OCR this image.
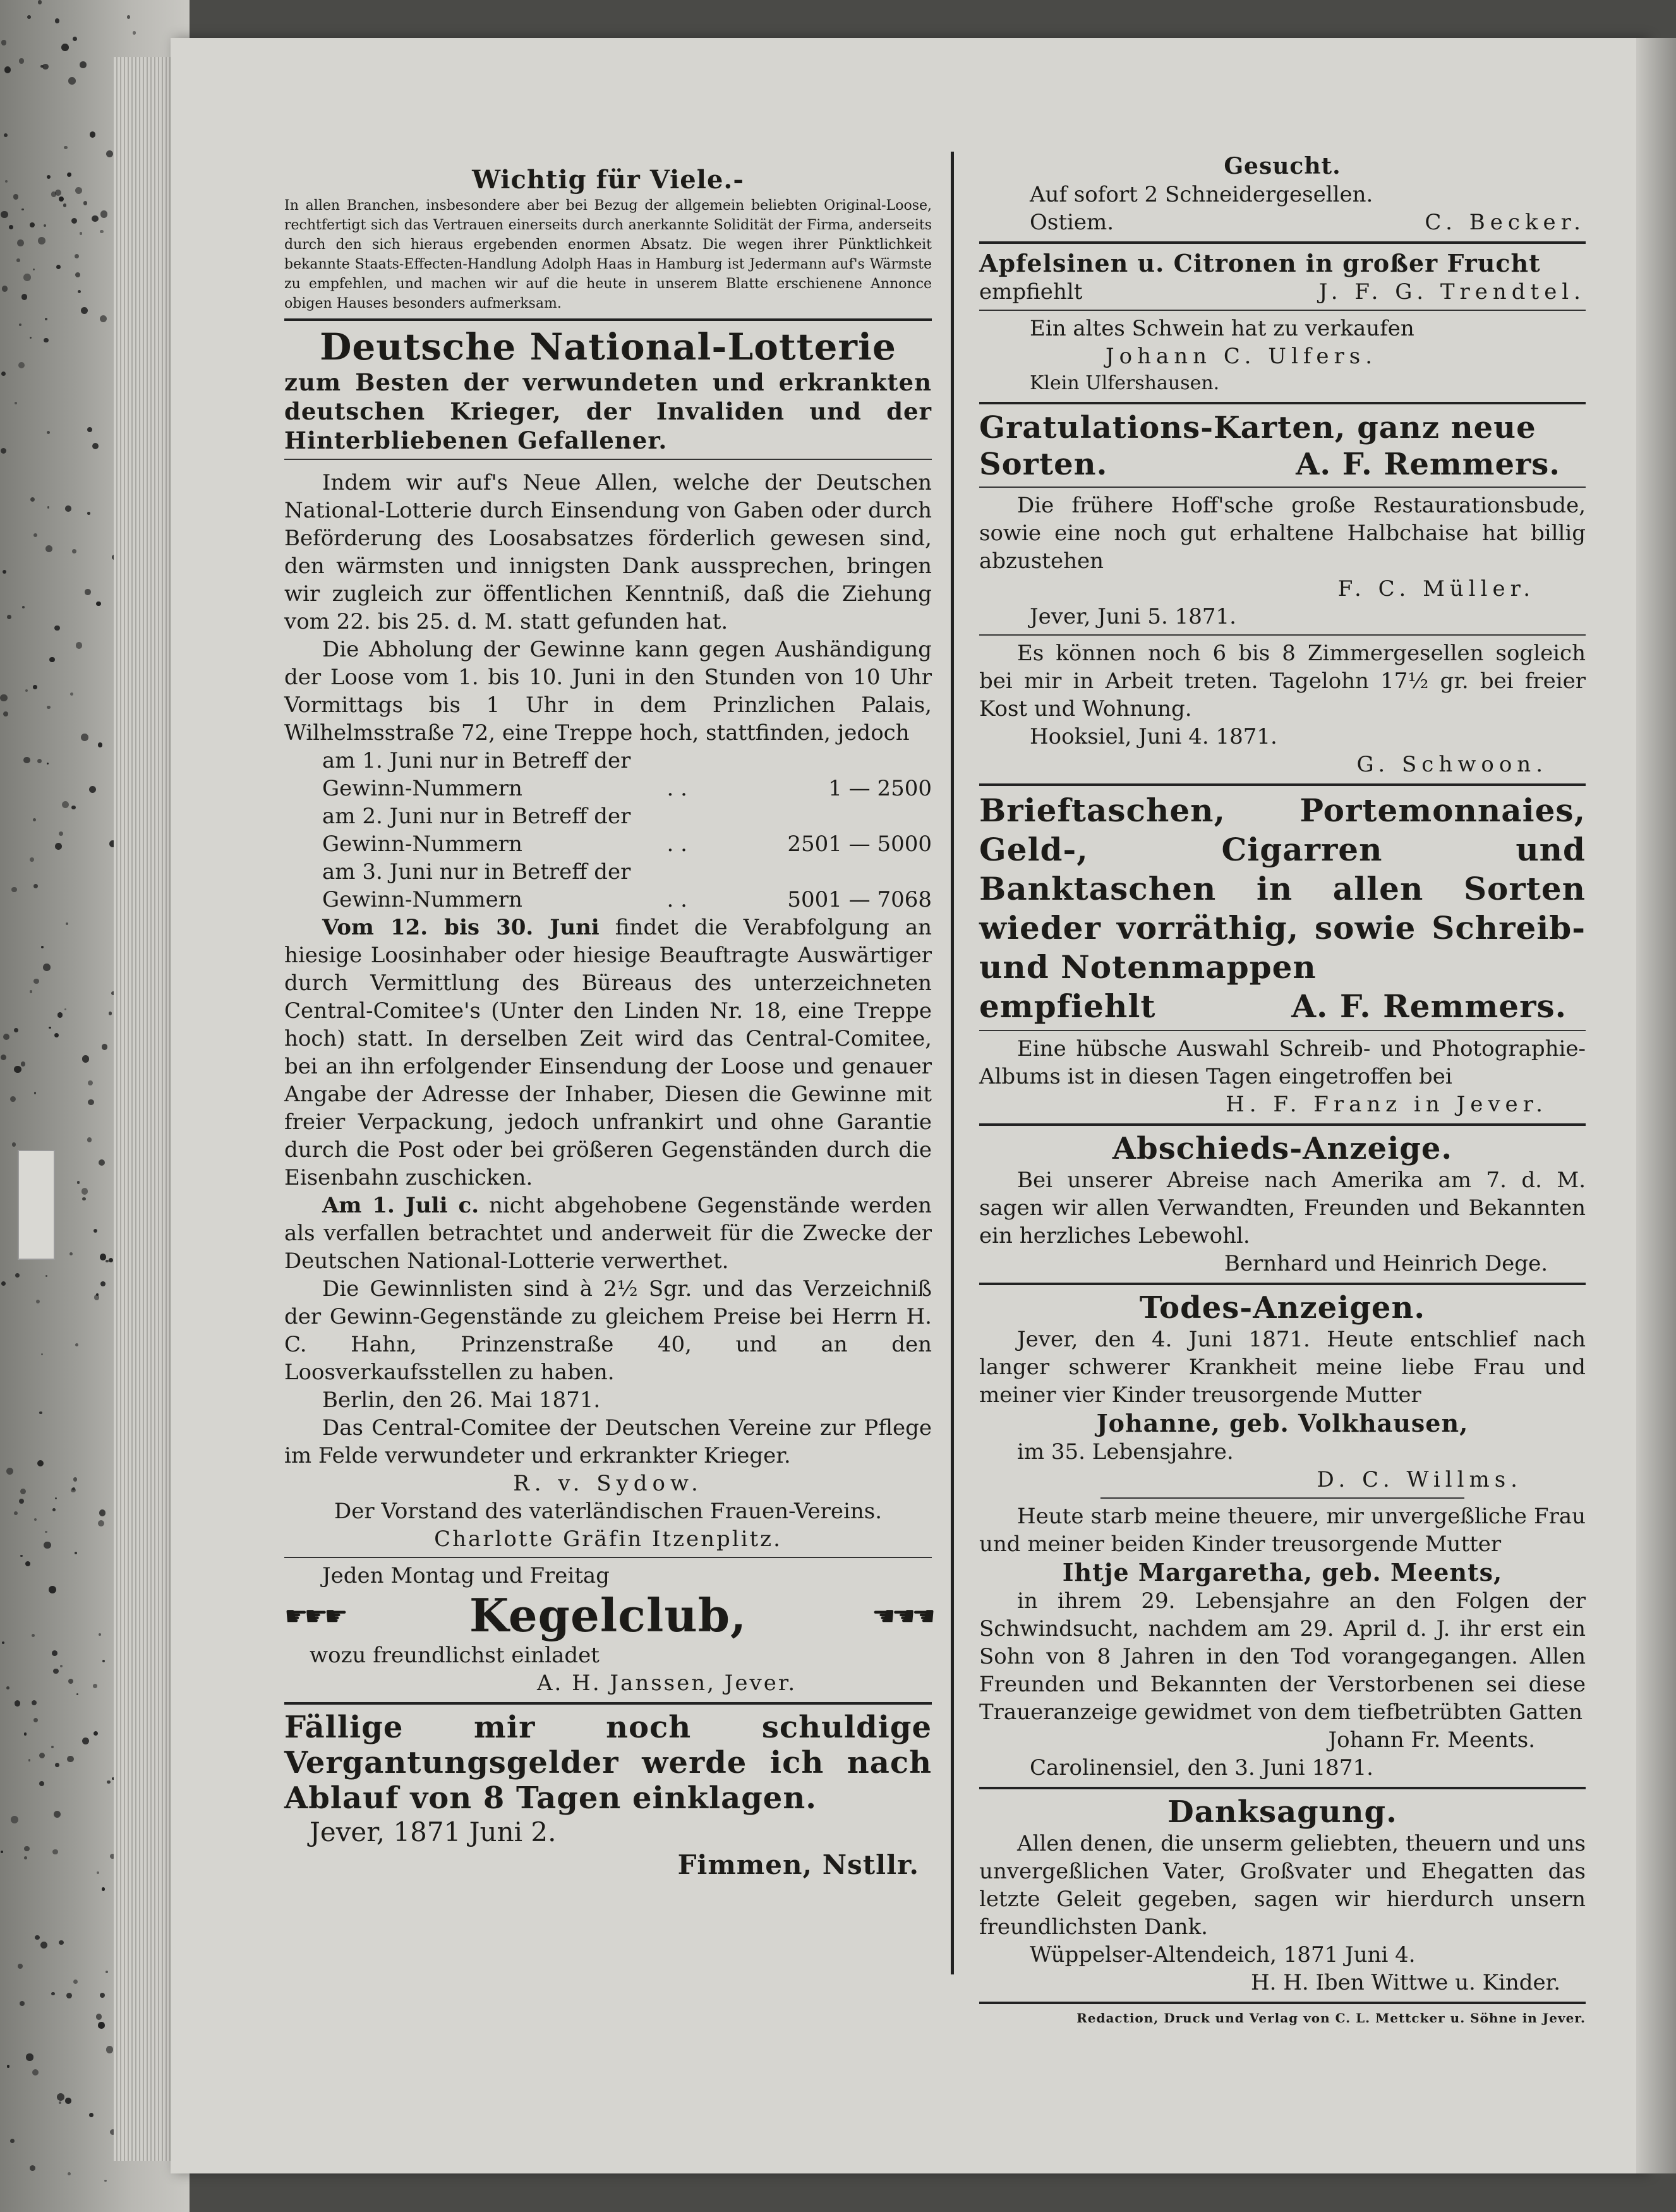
Wichtig für Viele.-

In allen Branchen, insbesondere aber bei Bezug der allgemein beliebten Original-Loose, rechtfertigt sich das Vertrauen einerseits durch anerkannte Solidität der Firma, anderseits durch den sich hieraus ergebenden enormen Absatz. Die wegen ihrer Pünktlichkeit bekannte Staats-Effecten-Handlung Adolph Haas in Hamburg ist Jedermann auf's Wärmste zu empfehlen, und machen wir auf die heute in unserem Blatte erschienene Annonce obigen Hauses besonders aufmerksam.

Deutsche National-Lotterie

zum Besten der verwundeten und erkrankten deutschen Krieger, der Invaliden und der Hinterbliebenen Gefallener.

Indem wir auf's Neue Allen, welche der Deutschen National-Lotterie durch Einsendung von Gaben oder durch Beförderung des Loosabsatzes förderlich gewesen sind, den wärmsten und innigsten Dank aussprechen, bringen wir zugleich zur öffentlichen Kenntniß, daß die Ziehung vom 22. bis 25. d. M. statt gefunden hat.

Die Abholung der Gewinne kann gegen Aushändigung der Loose vom 1. bis 10. Juni in den Stunden von 10 Uhr Vormittags bis 1 Uhr in dem Prinzlichen Palais, Wilhelmsstraße 72, eine Treppe hoch, stattfinden, jedoch

am 1. Juni nur in Betreff der		
Gewinn-Nummern	. .	1 — 2500
am 2. Juni nur in Betreff der		
Gewinn-Nummern	. .	2501 — 5000
am 3. Juni nur in Betreff der		
Gewinn-Nummern	. .	5001 — 7068

Vom 12. bis 30. Juni findet die Verabfolgung an hiesige Loosinhaber oder hiesige Beauftragte Auswärtiger durch Vermittlung des Büreaus des unterzeichneten Central-Comitee's (Unter den Linden Nr. 18, eine Treppe hoch) statt. In derselben Zeit wird das Central-Comitee, bei an ihn erfolgender Einsendung der Loose und genauer Angabe der Adresse der Inhaber, Diesen die Gewinne mit freier Verpackung, jedoch unfrankirt und ohne Garantie durch die Post oder bei größeren Gegenständen durch die Eisenbahn zuschicken.

Am 1. Juli c. nicht abgehobene Gegenstände werden als verfallen betrachtet und anderweit für die Zwecke der Deutschen National-Lotterie verwerthet.

Die Gewinnlisten sind à 2½ Sgr. und das Verzeichniß der Gewinn-Gegenstände zu gleichem Preise bei Herrn H. C. Hahn, Prinzenstraße 40, und an den Loosverkaufsstellen zu haben.

Berlin, den 26. Mai 1871.

Das Central-Comitee der Deutschen Vereine zur Pflege im Felde verwundeter und erkrankter Krieger.

R. v. Sydow.

Der Vorstand des vaterländischen Frauen-Vereins.

Charlotte Gräfin Itzenplitz.

Jeden Montag und Freitag

☛☛☛	Kegelclub,	☚☚☚

wozu freundlichst einladet

A. H. Janssen, Jever.

Fällige mir noch schuldige Vergantungsgelder werde ich nach Ablauf von 8 Tagen einklagen.

Jever, 1871 Juni 2.

Fimmen, Nstllr.

Gesucht.

Auf sofort 2 Schneidergesellen.

Ostiem.	C. Becker.

Apfelsinen u. Citronen in großer Frucht

empfiehlt	J. F. G. Trendtel.

Ein altes Schwein hat zu verkaufen

Johann C. Ulfers.

Klein Ulfershausen.

Gratulations-Karten, ganz neue

Sorten.	A. F. Remmers.

Die frühere Hoff'sche große Restaurationsbude, sowie eine noch gut erhaltene Halbchaise hat billig abzustehen

F. C. Müller.

Jever, Juni 5. 1871.

Es können noch 6 bis 8 Zimmergesellen sogleich bei mir in Arbeit treten. Tagelohn 17½ gr. bei freier Kost und Wohnung.

Hooksiel, Juni 4. 1871.

G. Schwoon.

Brieftaschen, Portemonnaies, Geld-, Cigarren und Banktaschen in allen Sorten wieder vorräthig, sowie Schreib- und Notenmappen

empfiehlt	A. F. Remmers.

Eine hübsche Auswahl Schreib- und Photographie-Albums ist in diesen Tagen eingetroffen bei

H. F. Franz in Jever.

Abschieds-Anzeige.

Bei unserer Abreise nach Amerika am 7. d. M. sagen wir allen Verwandten, Freunden und Bekannten ein herzliches Lebewohl.

Bernhard und Heinrich Dege.

Todes-Anzeigen.

Jever, den 4. Juni 1871. Heute entschlief nach langer schwerer Krankheit meine liebe Frau und meiner vier Kinder treusorgende Mutter

Johanne, geb. Volkhausen,

im 35. Lebensjahre.

D. C. Willms.

Heute starb meine theuere, mir unvergeßliche Frau und meiner beiden Kinder treusorgende Mutter

Ihtje Margaretha, geb. Meents,

in ihrem 29. Lebensjahre an den Folgen der Schwindsucht, nachdem am 29. April d. J. ihr erst ein Sohn von 8 Jahren in den Tod vorangegangen. Allen Freunden und Bekannten der Verstorbenen sei diese Traueranzeige gewidmet von dem tiefbetrübten Gatten

Johann Fr. Meents.

Carolinensiel, den 3. Juni 1871.

Danksagung.

Allen denen, die unserm geliebten, theuern und uns unvergeßlichen Vater, Großvater und Ehegatten das letzte Geleit gegeben, sagen wir hierdurch unsern freundlichsten Dank.

Wüppelser-Altendeich, 1871 Juni 4.

H. H. Iben Wittwe u. Kinder.

Redaction, Druck und Verlag von C. L. Mettcker u. Söhne in Jever.
